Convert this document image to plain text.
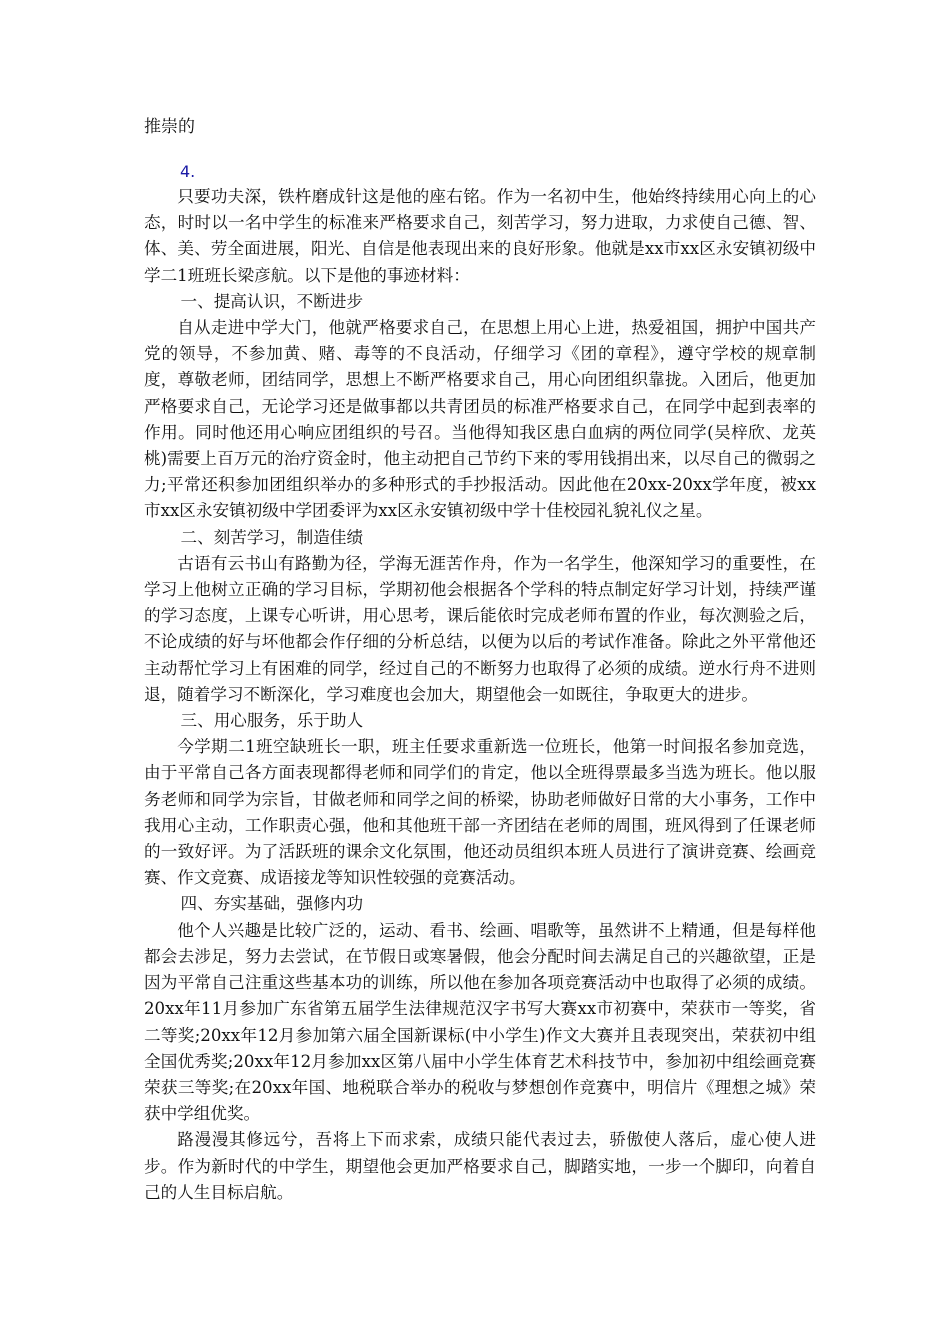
推崇的

4.

只要功夫深，铁杵磨成针这是他的座右铭。作为一名初中生，他始终持续用心向上的心态，时时以一名中学生的标准来严格要求自己，刻苦学习，努力进取，力求使自己德、智、体、美、劳全面进展，阳光、自信是他表现出来的良好形象。他就是xx市xx区永安镇初级中学二1班班长梁彦航。以下是他的事迹材料：

一、提高认识，不断进步

自从走进中学大门，他就严格要求自己，在思想上用心上进，热爱祖国，拥护中国共产党的领导，不参加黄、赌、毒等的不良活动，仔细学习《团的章程》，遵守学校的规章制度，尊敬老师，团结同学，思想上不断严格要求自己，用心向团组织靠拢。入团后，他更加严格要求自己，无论学习还是做事都以共青团员的标准严格要求自己，在同学中起到表率的作用。同时他还用心响应团组织的号召。当他得知我区患白血病的两位同学(吴梓欣、龙英桃)需要上百万元的治疗资金时，他主动把自己节约下来的零用钱捐出来，以尽自己的微弱之力;平常还积参加团组织举办的多种形式的手抄报活动。因此他在20xx-20xx学年度，被xx市xx区永安镇初级中学团委评为xx区永安镇初级中学十佳校园礼貌礼仪之星。

二、刻苦学习，制造佳绩

古语有云书山有路勤为径，学海无涯苦作舟，作为一名学生，他深知学习的重要性，在学习上他树立正确的学习目标，学期初他会根据各个学科的特点制定好学习计划，持续严谨的学习态度，上课专心听讲，用心思考，课后能依时完成老师布置的作业，每次测验之后，不论成绩的好与坏他都会作仔细的分析总结，以便为以后的考试作准备。除此之外平常他还主动帮忙学习上有困难的同学，经过自己的不断努力也取得了必须的成绩。逆水行舟不进则退，随着学习不断深化，学习难度也会加大，期望他会一如既往，争取更大的进步。

三、用心服务，乐于助人

今学期二1班空缺班长一职，班主任要求重新选一位班长，他第一时间报名参加竞选，由于平常自己各方面表现都得老师和同学们的肯定，他以全班得票最多当选为班长。他以服务老师和同学为宗旨，甘做老师和同学之间的桥梁，协助老师做好日常的大小事务，工作中我用心主动，工作职责心强，他和其他班干部一齐团结在老师的周围，班风得到了任课老师的一致好评。为了活跃班的课余文化氛围，他还动员组织本班人员进行了演讲竞赛、绘画竞赛、作文竞赛、成语接龙等知识性较强的竞赛活动。

四、夯实基础，强修内功

他个人兴趣是比较广泛的，运动、看书、绘画、唱歌等，虽然讲不上精通，但是每样他都会去涉足，努力去尝试，在节假日或寒暑假，他会分配时间去满足自己的兴趣欲望，正是因为平常自己注重这些基本功的训练，所以他在参加各项竞赛活动中也取得了必须的成绩。20xx年11月参加广东省第五届学生法律规范汉字书写大赛xx市初赛中，荣获市一等奖，省二等奖;20xx年12月参加第六届全国新课标(中小学生)作文大赛并且表现突出，荣获初中组全国优秀奖;20xx年12月参加xx区第八届中小学生体育艺术科技节中，参加初中组绘画竞赛荣获三等奖;在20xx年国、地税联合举办的税收与梦想创作竞赛中，明信片《理想之城》荣获中学组优奖。

路漫漫其修远兮，吾将上下而求索，成绩只能代表过去，骄傲使人落后，虚心使人进步。作为新时代的中学生，期望他会更加严格要求自己，脚踏实地，一步一个脚印，向着自己的人生目标启航。
